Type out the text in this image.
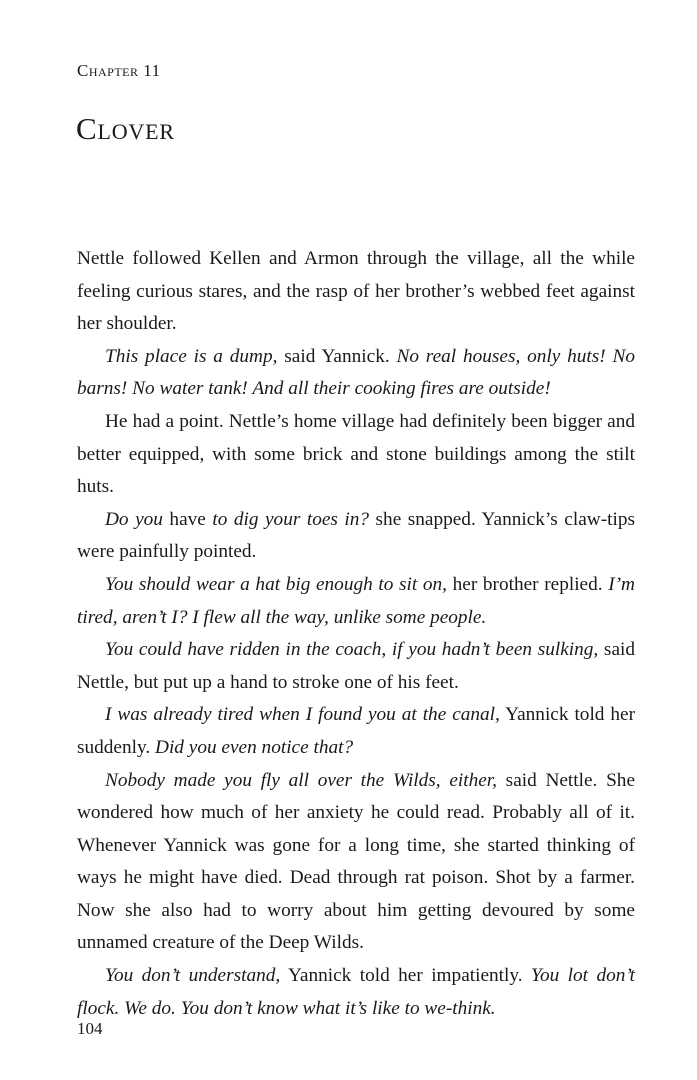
Chapter 11
Clover

Nettle followed Kellen and Armon through the village, all the while feeling curious stares, and the rasp of her brother’s webbed feet against her shoulder.

This place is a dump, said Yannick. No real houses, only huts! No barns! No water tank! And all their cooking fires are outside!

He had a point. Nettle’s home village had definitely been bigger and better equipped, with some brick and stone buildings among the stilt huts.

Do you have to dig your toes in? she snapped. Yannick’s claw-tips were painfully pointed.

You should wear a hat big enough to sit on, her brother replied. I’m tired, aren’t I? I flew all the way, unlike some people.

You could have ridden in the coach, if you hadn’t been sulking, said Nettle, but put up a hand to stroke one of his feet.

I was already tired when I found you at the canal, Yannick told her suddenly. Did you even notice that?

Nobody made you fly all over the Wilds, either, said Nettle. She wondered how much of her anxiety he could read. Probably all of it. Whenever Yannick was gone for a long time, she started thinking of ways he might have died. Dead through rat poison. Shot by a farmer. Now she also had to worry about him getting devoured by some unnamed creature of the Deep Wilds.

You don’t understand, Yannick told her impatiently. You lot don’t flock. We do. You don’t know what it’s like to we-think.

104
